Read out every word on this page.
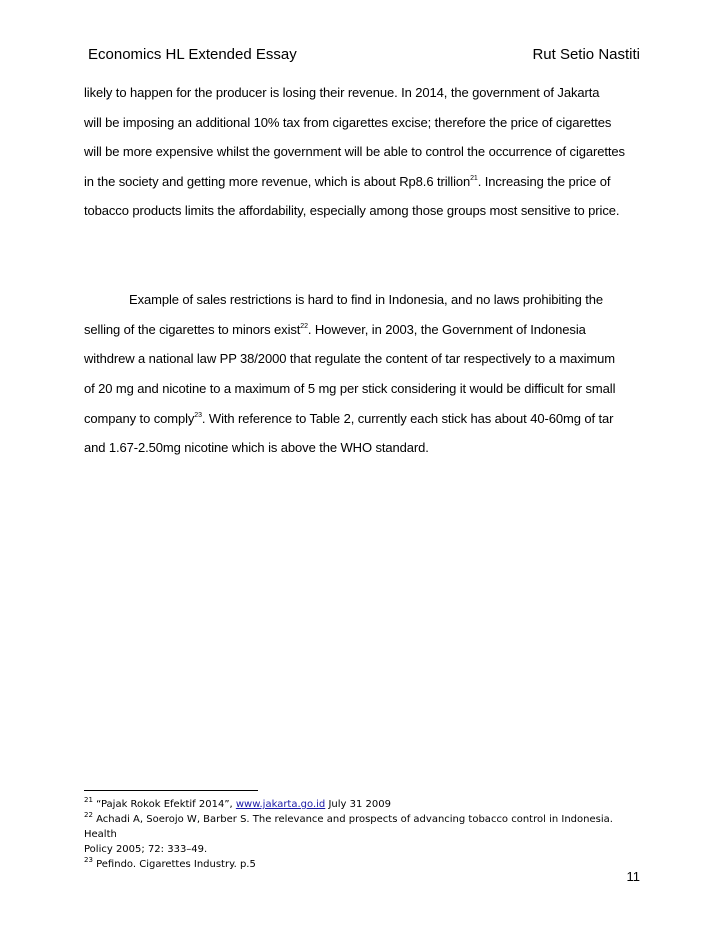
Economics HL Extended Essay	Rut Setio Nastiti
likely to happen for the producer is losing their revenue. In 2014, the government of Jakarta
will be imposing an additional 10% tax from cigarettes excise; therefore the price of cigarettes
will be more expensive whilst the government will be able to control the occurrence of cigarettes
in the society and getting more revenue, which is about Rp8.6 trillion$^{21}$. Increasing the price of
tobacco products limits the affordability, especially among those groups most sensitive to price.
Example of sales restrictions is hard to find in Indonesia, and no laws prohibiting the
selling of the cigarettes to minors exist$^{22}$. However, in 2003, the Government of Indonesia
withdrew a national law PP 38/2000 that regulate the content of tar respectively to a maximum
of 20 mg and nicotine to a maximum of 5 mg per stick considering it would be difficult for small
company to comply$^{23}$. With reference to Table 2, currently each stick has about 40-60mg of tar
and 1.67-2.50mg nicotine which is above the WHO standard.
$^{21}$ “Pajak Rokok Efektif 2014”, www.jakarta.go.id July 31 2009
$^{22}$ Achadi A, Soerojo W, Barber S. The relevance and prospects of advancing tobacco control in Indonesia. Health
Policy 2005; 72: 333–49.
$^{23}$ Pefindo. Cigarettes Industry. p.5
11
